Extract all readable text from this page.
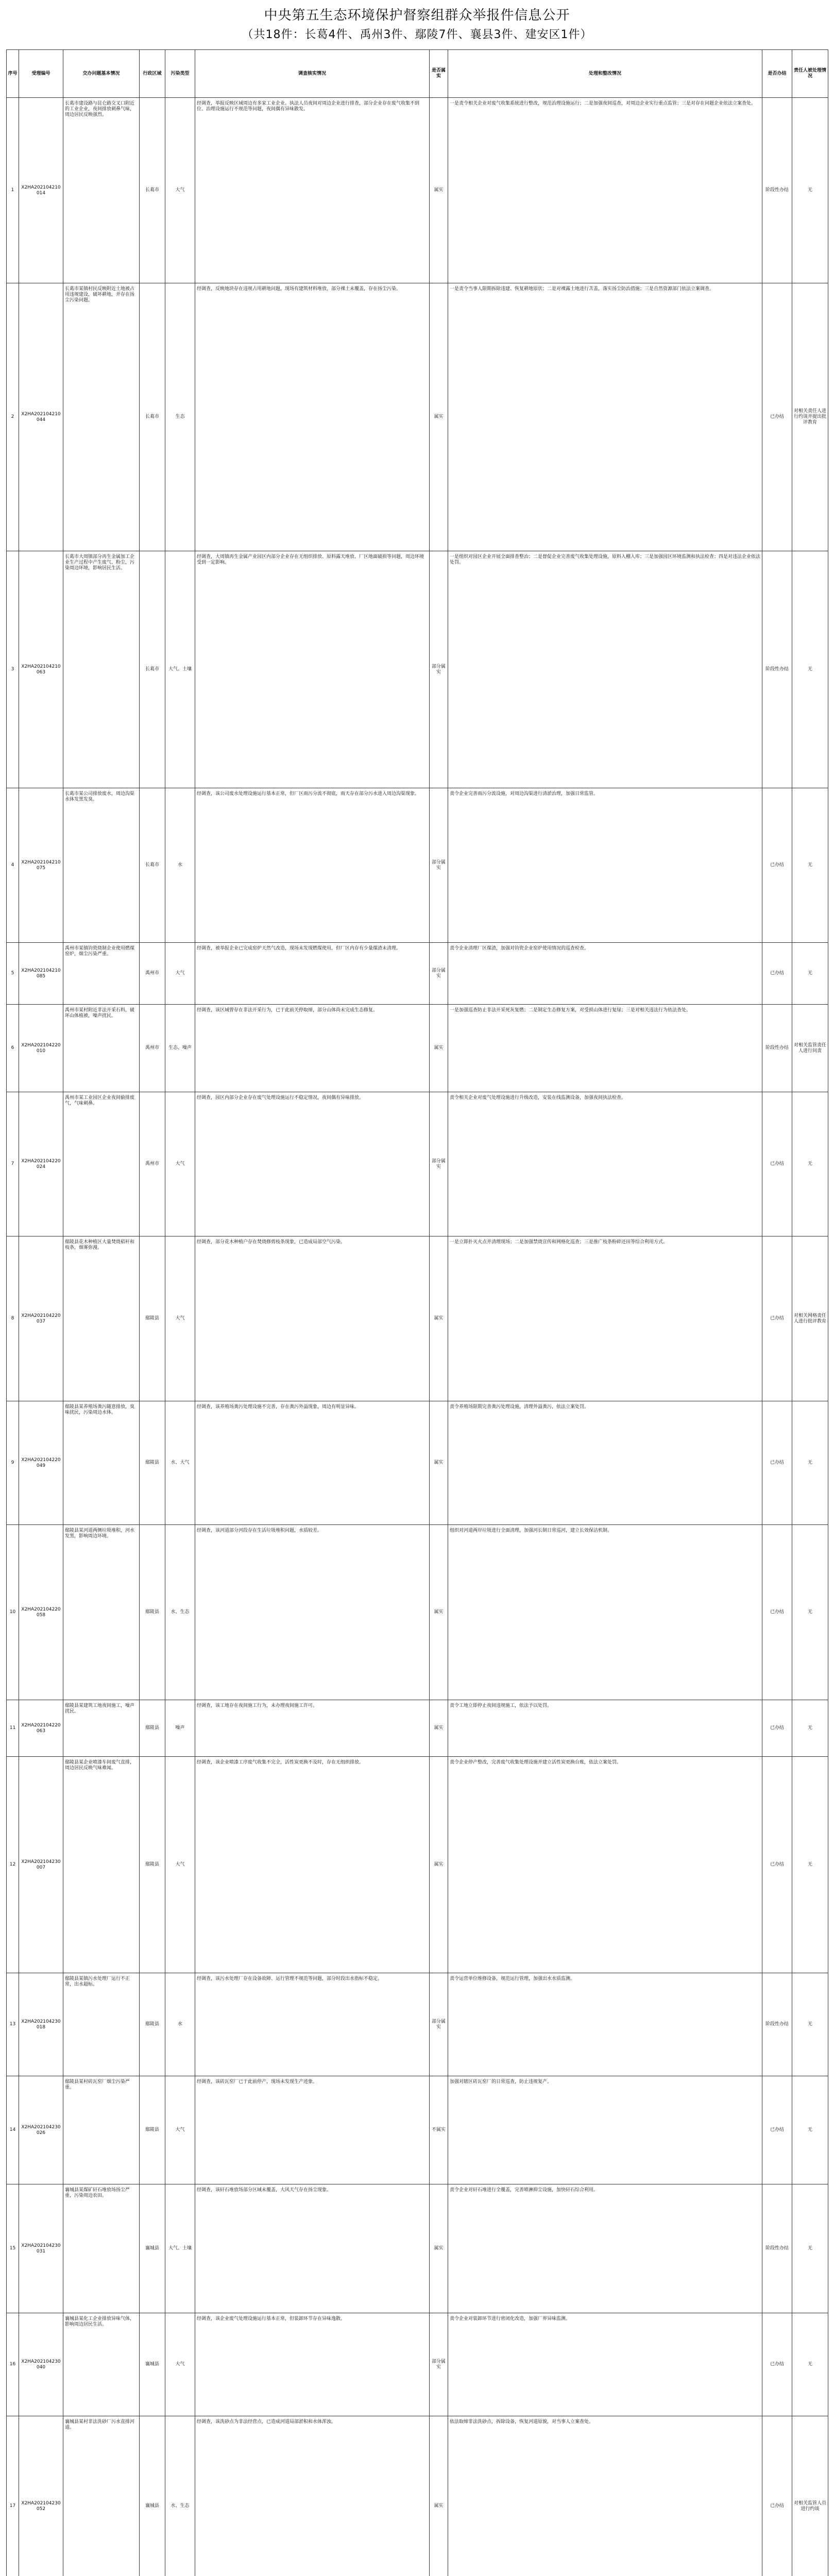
中央第五生态环境保护督察组群众举报件信息公开
（共18件：长葛4件、禹州3件、鄢陵7件、襄县3件、建安区1件）
序号	受理编号	交办问题基本情况	行政区域	污染类型	调查核实情况	是否属实	处理和整改情况	是否办结	责任人被处理情况
1	X2HA202104210014	长葛市建设路与昆仑路交叉口附近的工业企业，夜间排放刺鼻气味，周边居民反映强烈。	长葛市	大气	经调查，举报反映区域周边有多家工业企业。执法人员夜间对周边企业进行排查，部分企业存在废气收集不到位、治理设施运行不规范等问题，夜间偶有异味散发。	属实	一是责令相关企业对废气收集系统进行整改，规范治理设施运行；二是加强夜间巡查，对周边企业实行重点监管；三是对存在问题企业依法立案查处。	阶段性办结	无
2	X2HA202104210044	长葛市某镇村民反映附近土地被占用违规建设，破坏耕地，并存在扬尘污染问题。	长葛市	生态	经调查，反映地块存在违规占用耕地问题，现场有建筑材料堆放，部分裸土未覆盖，存在扬尘污染。	属实	一是责令当事人限期拆除违建、恢复耕地原状；二是对裸露土地进行苫盖，落实扬尘防治措施；三是自然资源部门依法立案调查。	已办结	对相关责任人进行约谈并提出批评教育
3	X2HA202104210063	长葛市大周镇部分再生金属加工企业生产过程中产生废气、粉尘，污染周边环境，影响居民生活。	长葛市	大气、土壤	经调查，大周镇再生金属产业园区内部分企业存在无组织排放、原料露天堆放、厂区地面破损等问题，周边环境受到一定影响。	部分属实	一是组织对园区企业开展全面排查整治；二是督促企业完善废气收集处理设施，原料入棚入库；三是加强园区环境监测和执法检查；四是对违法企业依法处罚。	阶段性办结	无
4	X2HA202104210075	长葛市某公司排放废水，周边沟渠水体发黑发臭。	长葛市	水	经调查，该公司废水处理设施运行基本正常，但厂区雨污分流不彻底，雨天存在部分污水进入周边沟渠现象。	部分属实	责令企业完善雨污分流设施，对周边沟渠进行清淤治理，加强日常监管。	已办结	无
5	X2HA202104210085	禹州市某镇钧瓷烧制企业使用燃煤窑炉，烟尘污染严重。	禹州市	大气	经调查，被举报企业已完成窑炉天然气改造，现场未发现燃煤使用，但厂区内存有少量煤渣未清理。	部分属实	责令企业清理厂区煤渣，加强对钧瓷企业窑炉使用情况的巡查检查。	已办结	无
6	X2HA202104220010	禹州市某村附近非法开采石料，破坏山体植被，噪声扰民。	禹州市	生态、噪声	经调查，该区域曾存在非法开采行为，已于此前关停取缔，部分山体尚未完成生态修复。	属实	一是加强巡查防止非法开采死灰复燃；二是制定生态修复方案，对受损山体进行复绿；三是对相关违法行为依法查处。	阶段性办结	对相关监管责任人进行问责
7	X2HA202104220024	禹州市某工业园区企业夜间偷排废气，气味刺鼻。	禹州市	大气	经调查，园区内部分企业存在废气处理设施运行不稳定情况，夜间偶有异味排放。	部分属实	责令相关企业对废气处理设施进行升级改造，安装在线监测设备，加强夜间执法检查。	已办结	无
8	X2HA202104220037	鄢陵县花木种植区大量焚烧秸秆和枝条，烟雾弥漫。	鄢陵县	大气	经调查，部分花木种植户存在焚烧修剪枝条现象，已造成局部空气污染。	属实	一是立即扑灭火点并清理现场；二是加强禁烧宣传和网格化巡查；三是推广枝条粉碎还田等综合利用方式。	已办结	对相关网格责任人进行批评教育
9	X2HA202104220049	鄢陵县某养殖场粪污随意排放，臭味扰民，污染周边水体。	鄢陵县	水、大气	经调查，该养殖场粪污处理设施不完善，存在粪污外溢现象，周边有明显异味。	属实	责令养殖场限期完善粪污处理设施，清理外溢粪污，依法立案处罚。	已办结	无
10	X2HA202104220058	鄢陵县某河道两侧垃圾堆积，河水发黑，影响周边环境。	鄢陵县	水、生态	经调查，该河道部分河段存在生活垃圾堆积问题，水质较差。	属实	组织对河道两岸垃圾进行全面清理，加强河长制日常巡河，建立长效保洁机制。	已办结	无
11	X2HA202104220063	鄢陵县某建筑工地夜间施工，噪声扰民。	鄢陵县	噪声	经调查，该工地存在夜间施工行为，未办理夜间施工许可。	属实	责令工地立即停止夜间违规施工，依法予以处罚。	已办结	无
12	X2HA202104230007	鄢陵县某企业喷漆车间废气直排，周边居民反映气味难闻。	鄢陵县	大气	经调查，该企业喷漆工序废气收集不完全，活性炭更换不及时，存在无组织排放。	属实	责令企业停产整改，完善废气收集处理设施并建立活性炭更换台账，依法立案处罚。	已办结	无
13	X2HA202104230018	鄢陵县某镇污水处理厂运行不正常，出水超标。	鄢陵县	水	经调查，该污水处理厂存在设备故障、运行管理不规范等问题，部分时段出水指标不稳定。	部分属实	责令运营单位维修设备，规范运行管理，加强出水水质监测。	阶段性办结	无
14	X2HA202104230026	鄢陵县某村砖瓦窑厂烟尘污染严重。	鄢陵县	大气	经调查，该砖瓦窑厂已于此前停产，现场未发现生产迹象。	不属实	加强对辖区砖瓦窑厂的日常巡查，防止违规复产。	已办结	无
15	X2HA202104230031	襄城县某煤矿矸石堆放场扬尘严重，污染周边农田。	襄城县	大气、土壤	经调查，该矸石堆放场部分区域未覆盖，大风天气存在扬尘现象。	属实	责令企业对矸石堆进行全覆盖，完善喷淋抑尘设施，加快矸石综合利用。	阶段性办结	无
16	X2HA202104230040	襄城县某化工企业排放异味气体，影响周边居民生活。	襄城县	大气	经调查，该企业废气处理设施运行基本正常，但装卸环节存在异味逸散。	部分属实	责令企业对装卸环节进行密闭化改造，加强厂界异味监测。	已办结	无
17	X2HA202104230052	襄城县某村非法洗砂厂污水直排河道。	襄城县	水、生态	经调查，该洗砂点为非法经营点，已造成河道局部淤积和水体浑浊。	属实	依法取缔非法洗砂点，拆除设备，恢复河道原貌，对当事人立案查处。	已办结	对相关监管人员进行约谈
